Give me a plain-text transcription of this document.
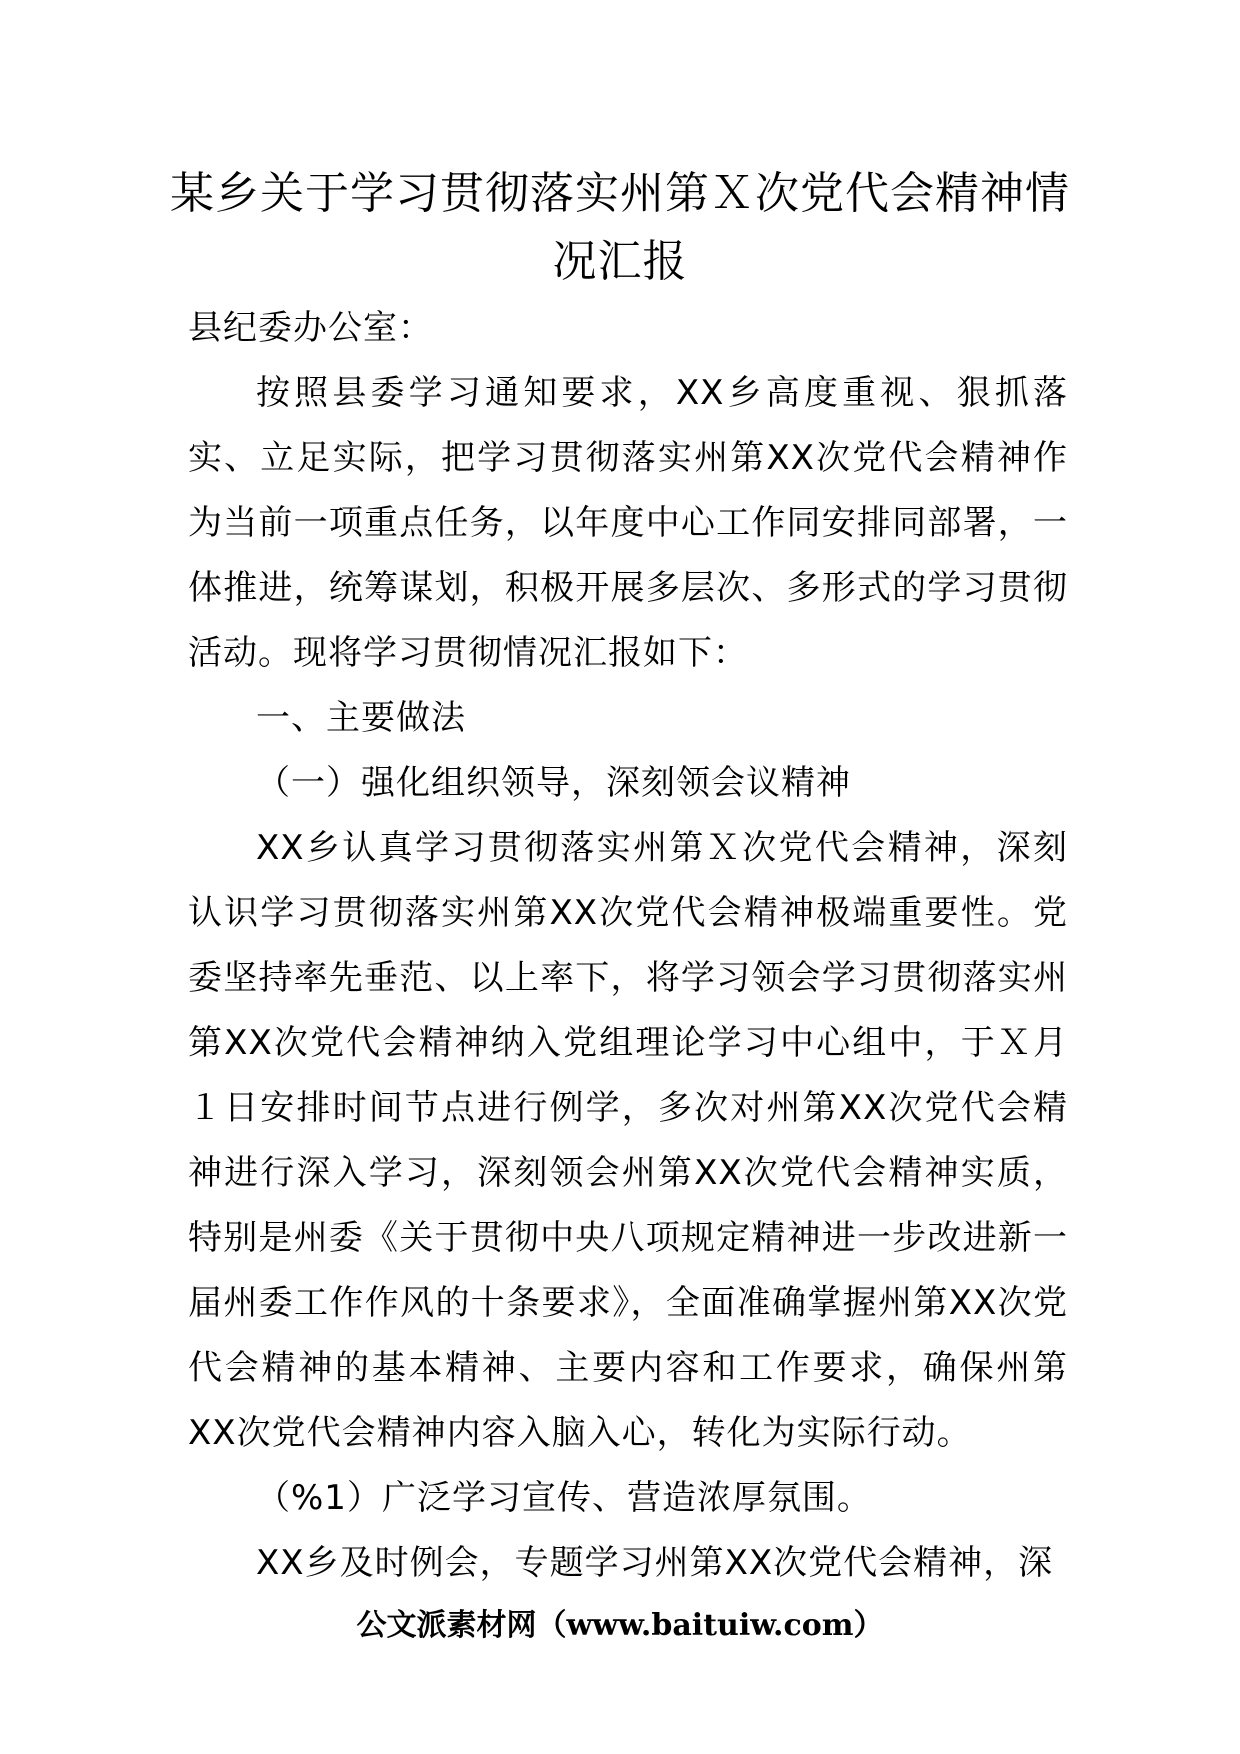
某乡关于学习贯彻落实州第Ｘ次党代会精神情况汇报

县纪委办公室：

按照县委学习通知要求，XX乡高度重视、狠抓落实、立足实际，把学习贯彻落实州第XX次党代会精神作为当前一项重点任务，以年度中心工作同安排同部署，一体推进，统筹谋划，积极开展多层次、多形式的学习贯彻活动。现将学习贯彻情况汇报如下：

一、主要做法

（一）强化组织领导，深刻领会议精神

XX乡认真学习贯彻落实州第Ｘ次党代会精神，深刻认识学习贯彻落实州第XX次党代会精神极端重要性。党委坚持率先垂范、以上率下，将学习领会学习贯彻落实州第XX次党代会精神纳入党组理论学习中心组中，于Ｘ月１日安排时间节点进行例学，多次对州第XX次党代会精神进行深入学习，深刻领会州第XX次党代会精神实质，特别是州委《关于贯彻中央八项规定精神进一步改进新一届州委工作作风的十条要求》，全面准确掌握州第XX次党代会精神的基本精神、主要内容和工作要求，确保州第XX次党代会精神内容入脑入心，转化为实际行动。

（%1）广泛学习宣传、营造浓厚氛围。

XX乡及时例会，专题学习州第XX次党代会精神，深

公文派素材网（www.baituiw.com）
